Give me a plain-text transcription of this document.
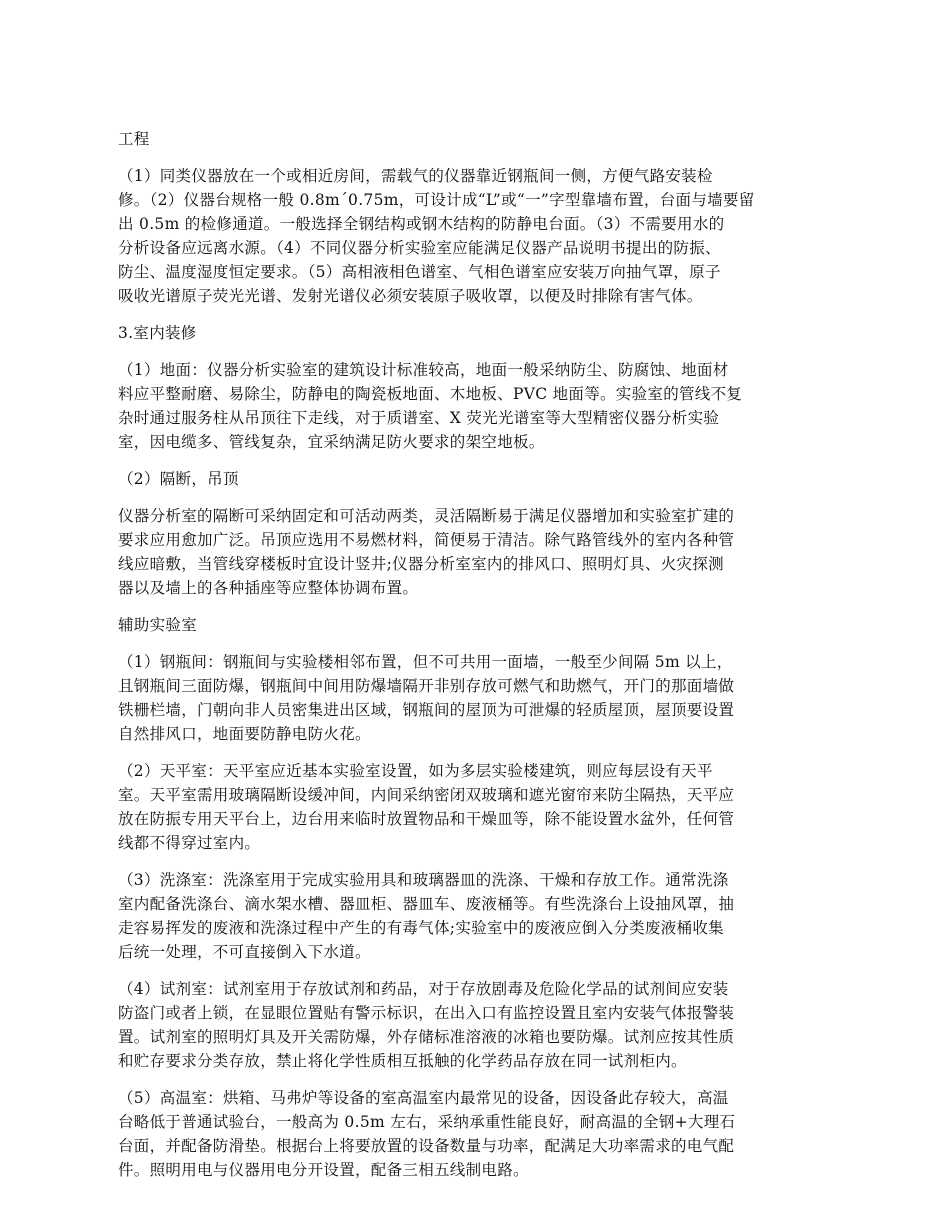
工程
（1）同类仪器放在一个或相近房间，需载气的仪器靠近钢瓶间一侧，方便气路安装检
修。（2）仪器台规格一般 0.8m´0.75m，可设计成“L”或“一”字型靠墙布置，台面与墙要留
出 0.5m 的检修通道。一般选择全钢结构或钢木结构的防静电台面。（3）不需要用水的
分析设备应远离水源。（4）不同仪器分析实验室应能满足仪器产品说明书提出的防振、
防尘、温度湿度恒定要求。（5）高相液相色谱室、气相色谱室应安装万向抽气罩，原子
吸收光谱原子荧光光谱、发射光谱仪必须安装原子吸收罩，以便及时排除有害气体。
3.室内装修
（1）地面：仪器分析实验室的建筑设计标准较高，地面一般采纳防尘、防腐蚀、地面材
料应平整耐磨、易除尘，防静电的陶瓷板地面、木地板、PVC 地面等。实验室的管线不复
杂时通过服务柱从吊顶往下走线，对于质谱室、X 荧光光谱室等大型精密仪器分析实验
室，因电缆多、管线复杂，宜采纳满足防火要求的架空地板。
（2）隔断，吊顶
仪器分析室的隔断可采纳固定和可活动两类，灵活隔断易于满足仪器增加和实验室扩建的
要求应用愈加广泛。吊顶应选用不易燃材料，简便易于清洁。除气路管线外的室内各种管
线应暗敷，当管线穿楼板时宜设计竖井;仪器分析室室内的排风口、照明灯具、火灾探测
器以及墙上的各种插座等应整体协调布置。
辅助实验室
（1）钢瓶间：钢瓶间与实验楼相邻布置，但不可共用一面墙，一般至少间隔 5m 以上，
且钢瓶间三面防爆，钢瓶间中间用防爆墙隔开非别存放可燃气和助燃气，开门的那面墙做
铁栅栏墙，门朝向非人员密集进出区域，钢瓶间的屋顶为可泄爆的轻质屋顶，屋顶要设置
自然排风口，地面要防静电防火花。
（2）天平室：天平室应近基本实验室设置，如为多层实验楼建筑，则应每层设有天平
室。天平室需用玻璃隔断设缓冲间，内间采纳密闭双玻璃和遮光窗帘来防尘隔热，天平应
放在防振专用天平台上，边台用来临时放置物品和干燥皿等，除不能设置水盆外，任何管
线都不得穿过室内。
（3）洗涤室：洗涤室用于完成实验用具和玻璃器皿的洗涤、干燥和存放工作。通常洗涤
室内配备洗涤台、滴水架水槽、器皿柜、器皿车、废液桶等。有些洗涤台上设抽风罩，抽
走容易挥发的废液和洗涤过程中产生的有毒气体;实验室中的废液应倒入分类废液桶收集
后统一处理，不可直接倒入下水道。
（4）试剂室：试剂室用于存放试剂和药品，对于存放剧毒及危险化学品的试剂间应安装
防盗门或者上锁，在显眼位置贴有警示标识，在出入口有监控设置且室内安装气体报警装
置。试剂室的照明灯具及开关需防爆，外存储标准溶液的冰箱也要防爆。试剂应按其性质
和贮存要求分类存放，禁止将化学性质相互抵触的化学药品存放在同一试剂柜内。
（5）高温室：烘箱、马弗炉等设备的室高温室内最常见的设备，因设备此存较大，高温
台略低于普通试验台，一般高为 0.5m 左右，采纳承重性能良好，耐高温的全钢+大理石
台面，并配备防滑垫。根据台上将要放置的设备数量与功率，配满足大功率需求的电气配
件。照明用电与仪器用电分开设置，配备三相五线制电路。
